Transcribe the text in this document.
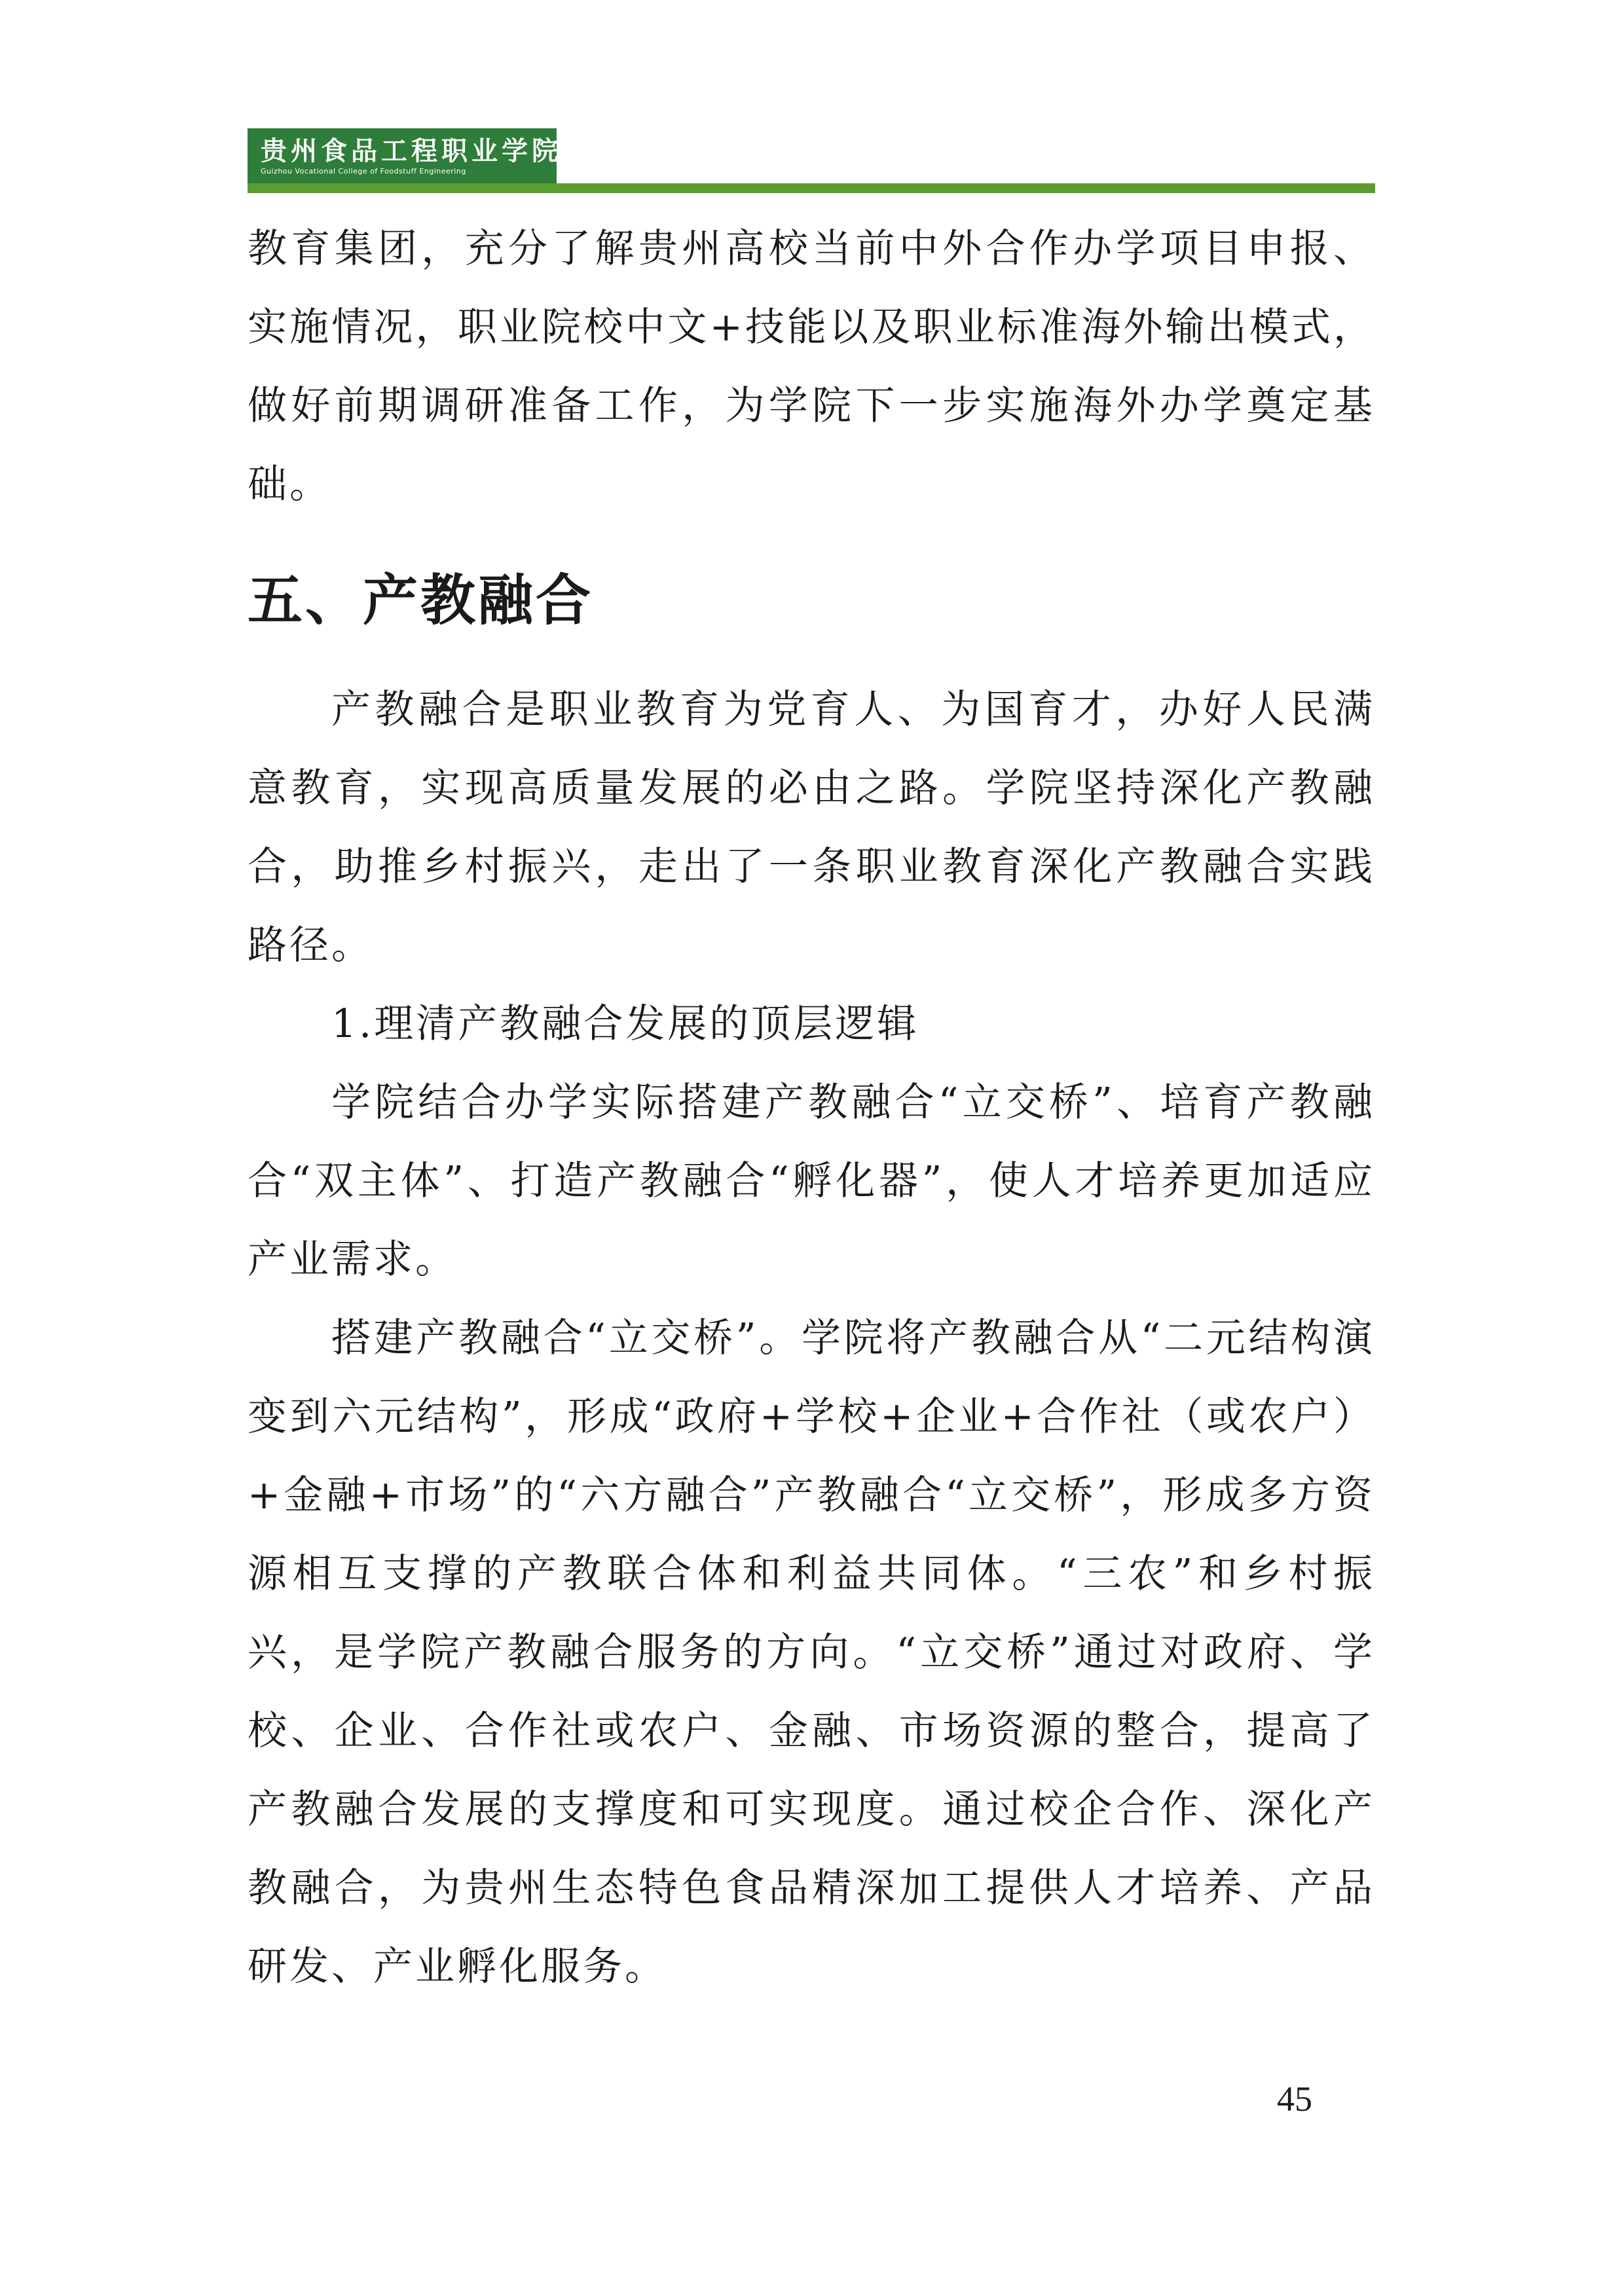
贵州食品工程职业学院
Guizhou Vocational College of Foodstuff Engineering

教育集团，充分了解贵州高校当前中外合作办学项目申报、实施情况，职业院校中文+技能以及职业标准海外输出模式，做好前期调研准备工作，为学院下一步实施海外办学奠定基础。

五、产教融合

产教融合是职业教育为党育人、为国育才，办好人民满意教育，实现高质量发展的必由之路。学院坚持深化产教融合，助推乡村振兴，走出了一条职业教育深化产教融合实践路径。

1.理清产教融合发展的顶层逻辑

学院结合办学实际搭建产教融合“立交桥”、培育产教融合“双主体”、打造产教融合“孵化器”，使人才培养更加适应产业需求。

搭建产教融合“立交桥”。学院将产教融合从“二元结构演变到六元结构”，形成“政府+学校+企业+合作社（或农户）+金融+市场”的“六方融合”产教融合“立交桥”，形成多方资源相互支撑的产教联合体和利益共同体。“三农”和乡村振兴，是学院产教融合服务的方向。“立交桥”通过对政府、学校、企业、合作社或农户、金融、市场资源的整合，提高了产教融合发展的支撑度和可实现度。通过校企合作、深化产教融合，为贵州生态特色食品精深加工提供人才培养、产品研发、产业孵化服务。

45
